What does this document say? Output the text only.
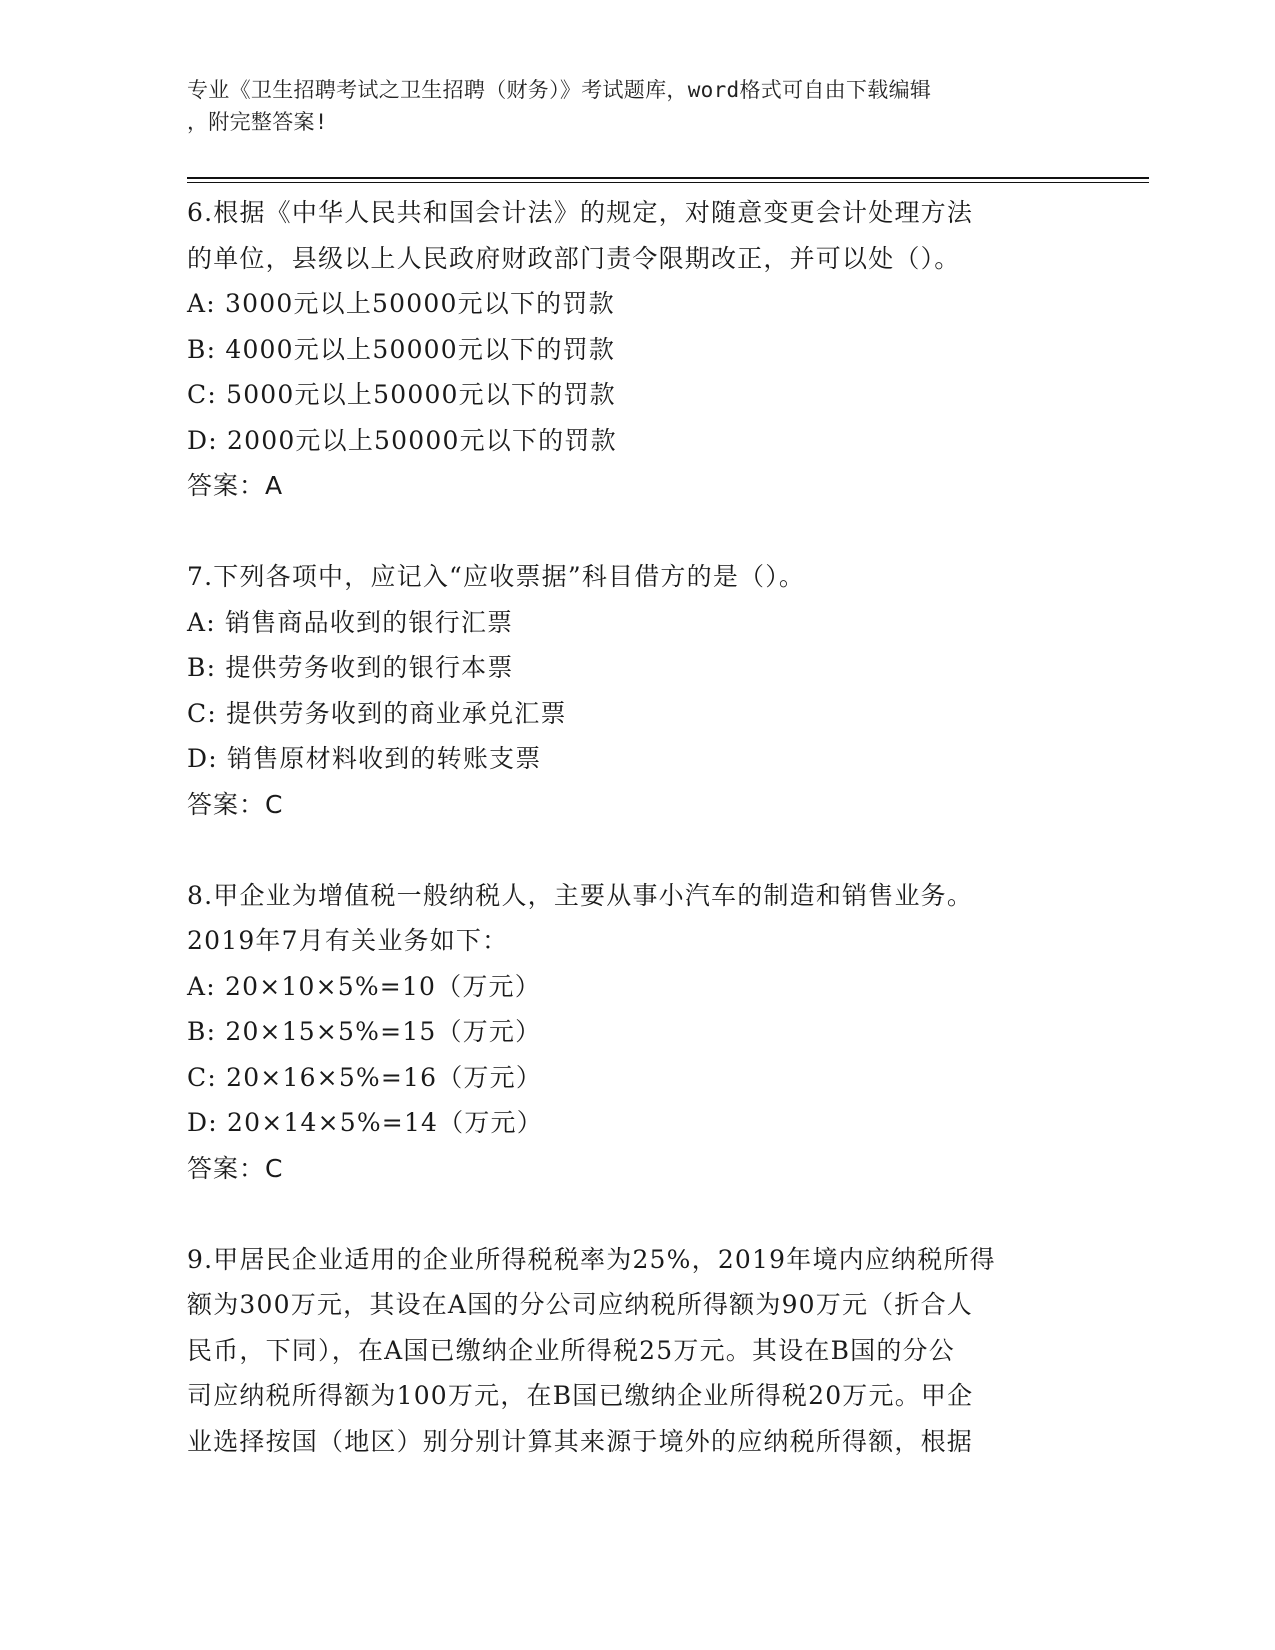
专业《卫生招聘考试之卫生招聘（财务）》考试题库，word格式可自由下载编辑
，附完整答案!
6.根据《中华人民共和国会计法》的规定，对随意变更会计处理方法
的单位，县级以上人民政府财政部门责令限期改正，并可以处（）。
A: 3000元以上50000元以下的罚款
B: 4000元以上50000元以下的罚款
C: 5000元以上50000元以下的罚款
D: 2000元以上50000元以下的罚款
答案：A
7.下列各项中，应记入“应收票据”科目借方的是（）。
A: 销售商品收到的银行汇票
B: 提供劳务收到的银行本票
C: 提供劳务收到的商业承兑汇票
D: 销售原材料收到的转账支票
答案：C
8.甲企业为增值税一般纳税人，主要从事小汽车的制造和销售业务。
2019年7月有关业务如下：
A: 20×10×5%=10（万元）
B: 20×15×5%=15（万元）
C: 20×16×5%=16（万元）
D: 20×14×5%=14（万元）
答案：C
9.甲居民企业适用的企业所得税税率为25%，2019年境内应纳税所得
额为300万元，其设在A国的分公司应纳税所得额为90万元（折合人
民币，下同），在A国已缴纳企业所得税25万元。其设在B国的分公
司应纳税所得额为100万元，在B国已缴纳企业所得税20万元。甲企
业选择按国（地区）别分别计算其来源于境外的应纳税所得额，根据
